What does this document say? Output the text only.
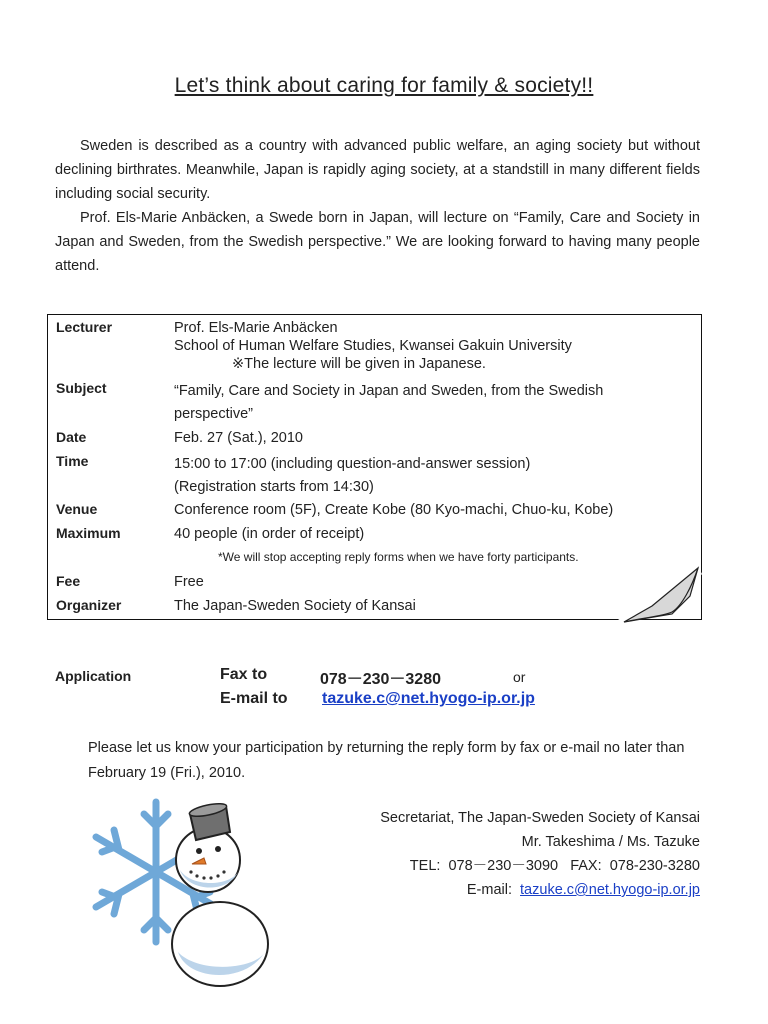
Let’s think about caring for family & society!!

Sweden is described as a country with advanced public welfare, an aging society but without declining birthrates. Meanwhile, Japan is rapidly aging society, at a standstill in many different fields including social security.

Prof. Els-Marie Anbäcken, a Swede born in Japan, will lecture on “Family, Care and Society in Japan and Sweden, from the Swedish perspective.” We are looking forward to having many people attend.

Lecturer	Prof. Els-Marie Anbäcken
School of Human Welfare Studies, Kwansei Gakuin University
※The lecture will be given in Japanese.
Subject	“Family, Care and Society in Japan and Sweden, from the Swedish
perspective”
Date	Feb. 27 (Sat.), 2010
Time	15:00 to 17:00 (including question-and-answer session)
(Registration starts from 14:30)
Venue	Conference room (5F), Create Kobe (80 Kyo-machi, Chuo-ku, Kobe)
Maximum	40 people (in order of receipt)
*We will stop accepting reply forms when we have forty participants.
Fee	Free
Organizer	The Japan-Sweden Society of Kansai
Application	Fax to	078－230－3280	or
E-mail to tazuke.c@net.hyogo-ip.or.jp
Please let us know your participation by returning the reply form by fax or e-mail no later than February 19 (Fri.), 2010.
Secretariat, The Japan-Sweden Society of Kansai
Mr. Takeshima / Ms. Tazuke
TEL:  078－230－3090   FAX:  078-230-3280
E-mail:  tazuke.c@net.hyogo-ip.or.jp
